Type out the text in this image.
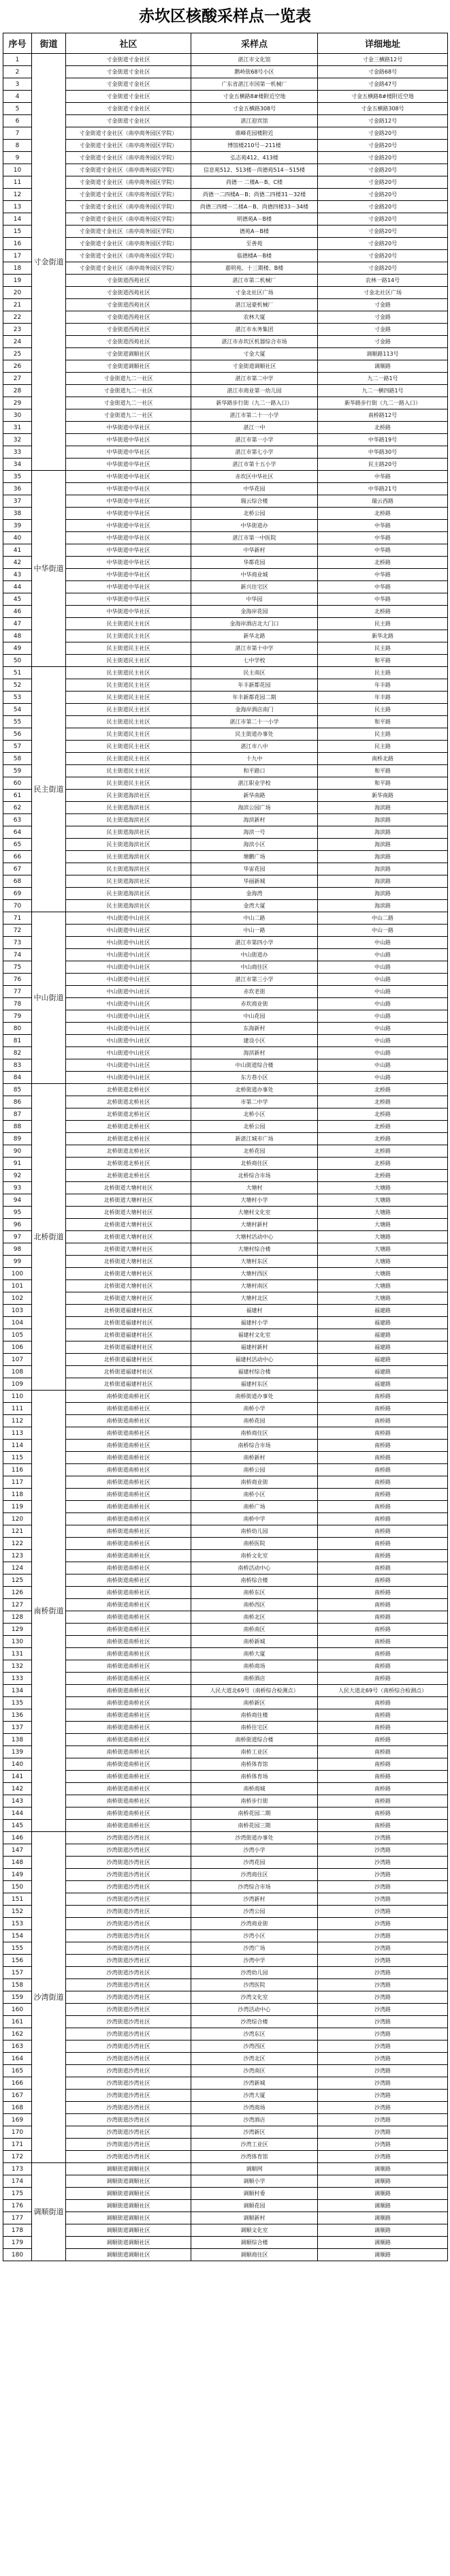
赤坎区核酸采样点一览表
序号	街道	社区	采样点	详细地址
1	寸金街道	寸金街道寸金社区	湛江市文化馆	寸金三横路12号
2		寸金街道寸金社区	鹅岭街68号小区	寸金路68号
3		寸金街道寸金社区	广东省湛江市国第一机械厂	寸金路47号
4		寸金街道寸金社区	寸金五横路8#楼附近空地	寸金五横路8#楼附近空地
5		寸金街道寸金社区	寸金五横路308号	寸金五横路308号
6		寸金街道寸金社区	湛江迎宾馆	寸金路12号
7		寸金街道寸金社区（南亭商务园区学院）	鼎峰花园楼附近	寸金路20号
8		寸金街道寸金社区（南亭商务园区学院）	博馆楼210号－211楼	寸金路20号
9		寸金街道寸金社区（南亭商务园区学院）	弘志苑412、413楼	寸金路20号
10		寸金街道寸金社区（南亭商务园区学院）	信息苑512、513楼－尚德苑514－515楼	寸金路20号
11		寸金街道寸金社区（南亭商务园区学院）	尚德一 二楼A－B、C楼	寸金路20号
12		寸金街道寸金社区（南亭商务园区学院）	尚德一二四楼A－B；尚德二四楼31－32楼	寸金路20号
13		寸金街道寸金社区（南亭商务园区学院）	尚德三四楼－二楼A－B、尚德四楼33－34楼	寸金路20号
14		寸金街道寸金社区（南亭商务园区学院）	明德苑A－B楼	寸金路20号
15		寸金街道寸金社区（南亭商务园区学院）	德苑A－B楼	寸金路20号
16		寸金街道寸金社区（南亭商务园区学院）	至善苑	寸金路20号
17		寸金街道寸金社区（南亭商务园区学院）	临德楼A－B楼	寸金路20号
18		寸金街道寸金社区（南亭商务园区学院）	嘉明苑、十三期楼、B楼	寸金路20号
19		寸金街道西苑社区	湛江市第二机械厂	农林一路14号
20		寸金街道西苑社区	寸金北社区广场	寸金北社区广场
21		寸金街道西苑社区	湛江冠豪机械厂	寸金路
22		寸金街道西苑社区	农林大厦	寸金路
23		寸金街道西苑社区	湛江市水务集团	寸金路
24		寸金街道西苑社区	湛江市赤坎区机器综合市场	寸金路
25		寸金街道调顺社区	寸金大厦	调顺路113号
26		寸金街道调顺社区	寸金街道调顺社区	调顺路
27		寸金街道九二一社区	湛江市第二中学	九二一路1号
28		寸金街道九二一社区	湛江市商业第一幼儿园	九二一横四路1号
29		寸金街道九二一社区	新华路步行街（九二一路入口）	新华路步行街（九二一路入口）
30		寸金街道九二一社区	湛江市第二十一小学	南桥路12号
31		中华街道中华社区	湛江一中	北桥路
32		中华街道中华社区	湛江市第一小学	中华路19号
33		中华街道中华社区	湛江市第七小学	中华路30号
34		中华街道中华社区	湛江市第十五小学	民主路20号
35	中华街道	中华街道中华社区	赤坎区中华社区	中华路
36		中华街道中华社区	中华花园	中华路21号
37		中华街道中华社区	瑞云综合楼	瑞云西路
38		中华街道中华社区	北桥公园	北桥路
39		中华街道中华社区	中华街道办	中华路
40		中华街道中华社区	湛江市第一中医院	中华路
41		中华街道中华社区	中华新村	中华路
42		中华街道中华社区	华都花园	北桥路
43		中华街道中华社区	中华商业城	中华路
44		中华街道中华社区	新兴住宅区	中华路
45		中华街道中华社区	中华园	中华路
46		中华街道中华社区	金海岸花园	北桥路
47		民主街道民主社区	金海岸酒店北大门口	民主路
48		民主街道民主社区	新华北路	新华北路
49		民主街道民主社区	湛江市第十中学	民主路
50		民主街道民主社区	七中学校	和平路
51	民主街道	民主街道民主社区	民主南区	民主路
52		民主街道民主社区	年丰新都花园	年丰路
53		民主街道民主社区	年丰新都花园二期	年丰路
54		民主街道民主社区	金海岸酒店南门	民主路
55		民主街道民主社区	湛江市第二十一小学	和平路
56		民主街道民主社区	民主街道办事处	民主路
57		民主街道民主社区	湛江市八中	民主路
58		民主街道民主社区	十九中	南桥北路
59		民主街道民主社区	和平路口	和平路
60		民主街道民主社区	湛江职业学校	和平路
61		民主街道海滨社区	新华南路	新华南路
62		民主街道海滨社区	海滨公园广场	海滨路
63		民主街道海滨社区	海滨新村	海滨路
64		民主街道海滨社区	海滨一号	海滨路
65		民主街道海滨社区	海滨小区	海滨路
66		民主街道海滨社区	塘鹏广场	海滨路
67		民主街道海滨社区	华宙花园	海滨路
68		民主街道海滨社区	华丽新城	海滨路
69		民主街道海滨社区	金海湾	海滨路
70		民主街道海滨社区	金湾大厦	海滨路
71	中山街道	中山街道中山社区	中山二路	中山二路
72		中山街道中山社区	中山一路	中山一路
73		中山街道中山社区	湛江市第四小学	中山路
74		中山街道中山社区	中山街道办	中山路
75		中山街道中山社区	中山商住区	中山路
76		中山街道中山社区	湛江市第三小学	中山路
77		中山街道中山社区	赤坎老街	中山路
78		中山街道中山社区	赤坎商业街	中山路
79		中山街道中山社区	中山花园	中山路
80		中山街道中山社区	东海新村	中山路
81		中山街道中山社区	建设小区	中山路
82		中山街道中山社区	海滨新村	中山路
83		中山街道中山社区	中山街道综合楼	中山路
84		中山街道中山社区	东方巷小区	中山路
85	北桥街道	北桥街道北桥社区	北桥街道办事处	北桥路
86		北桥街道北桥社区	市第二中学	北桥路
87		北桥街道北桥社区	北桥小区	北桥路
88		北桥街道北桥社区	北桥公园	北桥路
89		北桥街道北桥社区	新湛江城市广场	北桥路
90		北桥街道北桥社区	北桥花园	北桥路
91		北桥街道北桥社区	北桥商住区	北桥路
92		北桥街道北桥社区	北桥综合市场	北桥路
93		北桥街道大塘村社区	大塘村	大塘路
94		北桥街道大塘村社区	大塘村小学	大塘路
95		北桥街道大塘村社区	大塘村文化室	大塘路
96		北桥街道大塘村社区	大塘村新村	大塘路
97		北桥街道大塘村社区	大塘村活动中心	大塘路
98		北桥街道大塘村社区	大塘村综合楼	大塘路
99		北桥街道大塘村社区	大塘村东区	大塘路
100		北桥街道大塘村社区	大塘村西区	大塘路
101		北桥街道大塘村社区	大塘村南区	大塘路
102		北桥街道大塘村社区	大塘村北区	大塘路
103		北桥街道福建村社区	福建村	福建路
104		北桥街道福建村社区	福建村小学	福建路
105		北桥街道福建村社区	福建村文化室	福建路
106		北桥街道福建村社区	福建村新村	福建路
107		北桥街道福建村社区	福建村活动中心	福建路
108		北桥街道福建村社区	福建村综合楼	福建路
109		北桥街道福建村社区	福建村东区	福建路
110	南桥街道	南桥街道南桥社区	南桥街道办事处	南桥路
111		南桥街道南桥社区	南桥小学	南桥路
112		南桥街道南桥社区	南桥花园	南桥路
113		南桥街道南桥社区	南桥商住区	南桥路
114		南桥街道南桥社区	南桥综合市场	南桥路
115		南桥街道南桥社区	南桥新村	南桥路
116		南桥街道南桥社区	南桥公园	南桥路
117		南桥街道南桥社区	南桥商业街	南桥路
118		南桥街道南桥社区	南桥小区	南桥路
119		南桥街道南桥社区	南桥广场	南桥路
120		南桥街道南桥社区	南桥中学	南桥路
121		南桥街道南桥社区	南桥幼儿园	南桥路
122		南桥街道南桥社区	南桥医院	南桥路
123		南桥街道南桥社区	南桥文化室	南桥路
124		南桥街道南桥社区	南桥活动中心	南桥路
125		南桥街道南桥社区	南桥综合楼	南桥路
126		南桥街道南桥社区	南桥东区	南桥路
127		南桥街道南桥社区	南桥西区	南桥路
128		南桥街道南桥社区	南桥北区	南桥路
129		南桥街道南桥社区	南桥南区	南桥路
130		南桥街道南桥社区	南桥新城	南桥路
131		南桥街道南桥社区	南桥大厦	南桥路
132		南桥街道南桥社区	南桥商场	南桥路
133		南桥街道南桥社区	南桥酒店	南桥路
134		南桥街道南桥社区	人民大道北69号（南桥综合检测点）	人民大道北69号（南桥综合检测点）
135		南桥街道南桥社区	南桥新区	南桥路
136		南桥街道南桥社区	南桥商住楼	南桥路
137		南桥街道南桥社区	南桥住宅区	南桥路
138		南桥街道南桥社区	南桥街道综合楼	南桥路
139		南桥街道南桥社区	南桥工业区	南桥路
140		南桥街道南桥社区	南桥体育馆	南桥路
141		南桥街道南桥社区	南桥体育场	南桥路
142		南桥街道南桥社区	南桥商城	南桥路
143		南桥街道南桥社区	南桥步行街	南桥路
144		南桥街道南桥社区	南桥花园二期	南桥路
145		南桥街道南桥社区	南桥花园三期	南桥路
146	沙湾街道	沙湾街道沙湾社区	沙湾街道办事处	沙湾路
147		沙湾街道沙湾社区	沙湾小学	沙湾路
148		沙湾街道沙湾社区	沙湾花园	沙湾路
149		沙湾街道沙湾社区	沙湾商住区	沙湾路
150		沙湾街道沙湾社区	沙湾综合市场	沙湾路
151		沙湾街道沙湾社区	沙湾新村	沙湾路
152		沙湾街道沙湾社区	沙湾公园	沙湾路
153		沙湾街道沙湾社区	沙湾商业街	沙湾路
154		沙湾街道沙湾社区	沙湾小区	沙湾路
155		沙湾街道沙湾社区	沙湾广场	沙湾路
156		沙湾街道沙湾社区	沙湾中学	沙湾路
157		沙湾街道沙湾社区	沙湾幼儿园	沙湾路
158		沙湾街道沙湾社区	沙湾医院	沙湾路
159		沙湾街道沙湾社区	沙湾文化室	沙湾路
160		沙湾街道沙湾社区	沙湾活动中心	沙湾路
161		沙湾街道沙湾社区	沙湾综合楼	沙湾路
162		沙湾街道沙湾社区	沙湾东区	沙湾路
163		沙湾街道沙湾社区	沙湾西区	沙湾路
164		沙湾街道沙湾社区	沙湾北区	沙湾路
165		沙湾街道沙湾社区	沙湾南区	沙湾路
166		沙湾街道沙湾社区	沙湾新城	沙湾路
167		沙湾街道沙湾社区	沙湾大厦	沙湾路
168		沙湾街道沙湾社区	沙湾商场	沙湾路
169		沙湾街道沙湾社区	沙湾酒店	沙湾路
170		沙湾街道沙湾社区	沙湾新区	沙湾路
171		沙湾街道沙湾社区	沙湾工业区	沙湾路
172		沙湾街道沙湾社区	沙湾体育馆	沙湾路
173	调顺街道	调顺街道调顺社区	调顺网	调顺路
174		调顺街道调顺社区	调顺小学	调顺路
175		调顺街道调顺社区	调顺村委	调顺路
176		调顺街道调顺社区	调顺花园	调顺路
177		调顺街道调顺社区	调顺新村	调顺路
178		调顺街道调顺社区	调顺文化室	调顺路
179		调顺街道调顺社区	调顺综合楼	调顺路
180		调顺街道调顺社区	调顺商住区	调顺路
